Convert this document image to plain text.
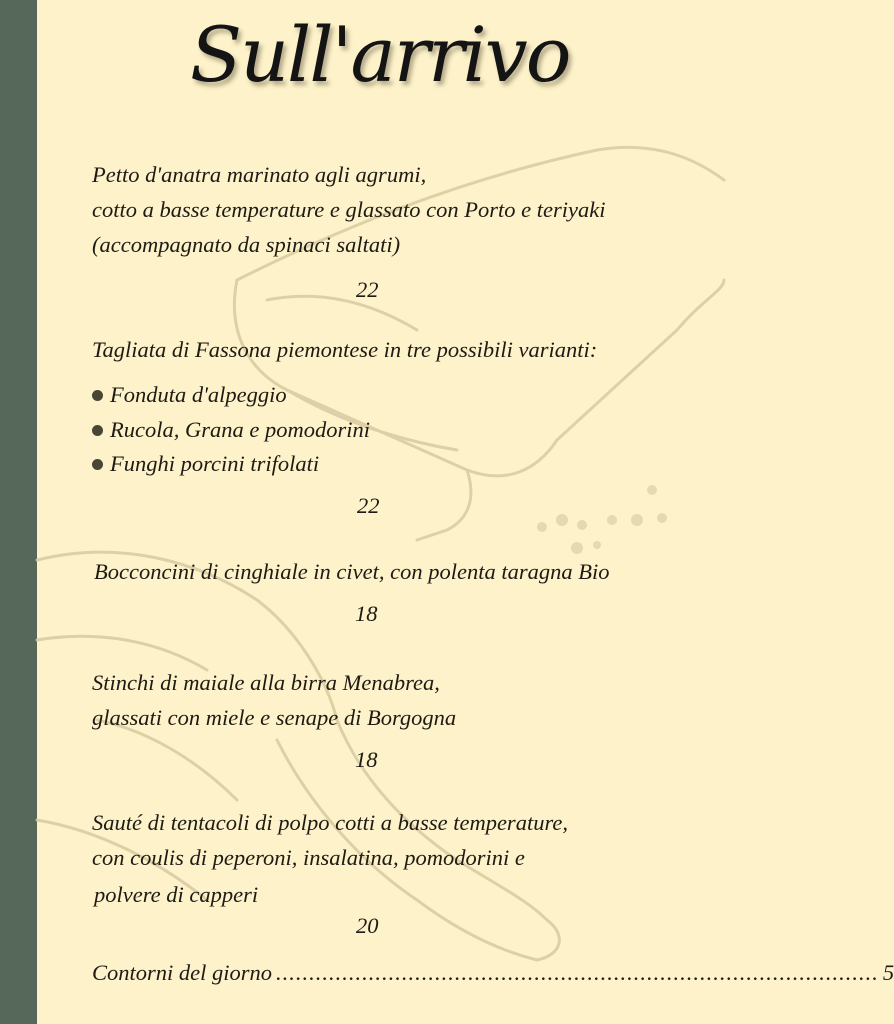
Sull'arrivo
Petto d'anatra marinato agli agrumi,
cotto a basse temperature e glassato con Porto e teriyaki
(accompagnato da spinaci saltati)
22
Tagliata di Fassona piemontese in tre possibili varianti:
Fonduta d'alpeggio
Rucola, Grana e pomodorini
Funghi porcini trifolati
22
Bocconcini di cinghiale in civet, con polenta taragna Bio
18
Stinchi di maiale alla birra Menabrea,
glassati con miele e senape di Borgogna
18
Sauté di tentacoli di polpo cotti a basse temperature,
con coulis di peperoni, insalatina, pomodorini e
polvere di capperi
20
Contorni del giorno ........................................................................................... 5
